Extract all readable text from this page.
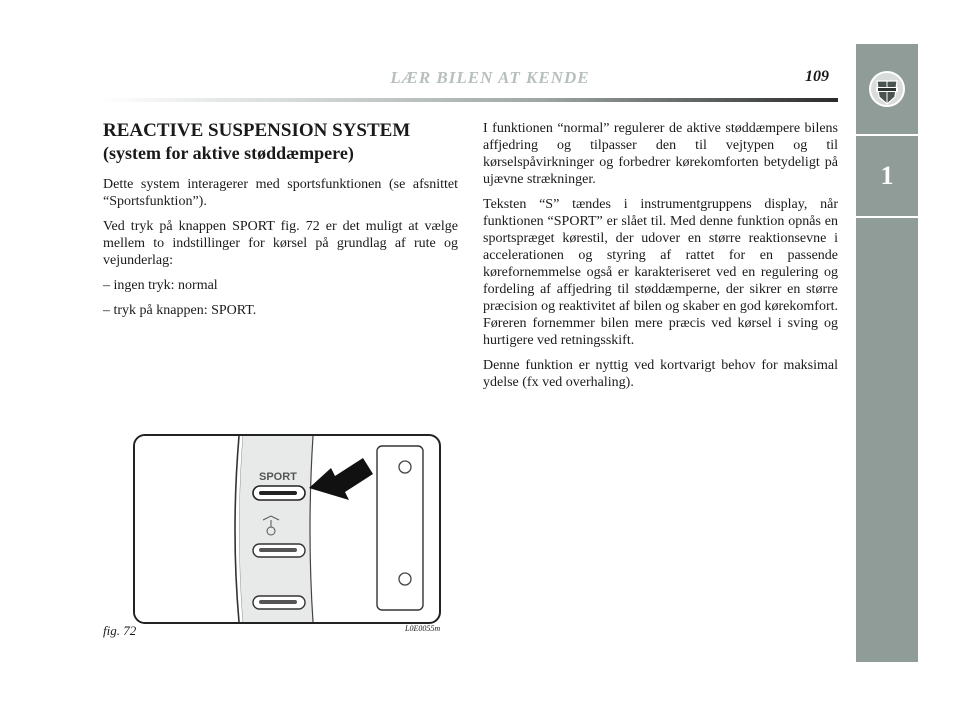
1
LÆR BILEN AT KENDE	109
REACTIVE SUSPENSION SYSTEM
(system for aktive støddæmpere)

Dette system interagerer med sportsfunktionen (se afsnittet “Sportsfunktion”).

Ved tryk på knappen SPORT fig. 72 er det muligt at vælge mellem to indstillinger for kørsel på grundlag af rute og vejunderlag:

– ingen tryk: normal

– tryk på knappen: SPORT.

I funktionen “normal” regulerer de aktive støddæmpere bilens affjedring og tilpasser den til vejtypen og til kørselspåvirkninger og forbedrer kørekomforten betydeligt på ujævne strækninger.

Teksten “S” tændes i instrumentgruppens display, når funktionen “SPORT” er slået til. Med denne funktion opnås en sportspræget kørestil, der udover en større reaktionsevne i accelerationen og styring af rattet for en passende kørefornemmelse også er karakteriseret ved en regulering og fordeling af affjedring til støddæmperne, der sikrer en større præcision og reaktivitet af bilen og skaber en god kørekomfort. Føreren fornemmer bilen mere præcis ved kørsel i sving og hurtigere ved retningsskift.

Denne funktion er nyttig ved kortvarigt behov for maksimal ydelse (fx ved overhaling).

SPORT
fig. 72	L0E0055m
